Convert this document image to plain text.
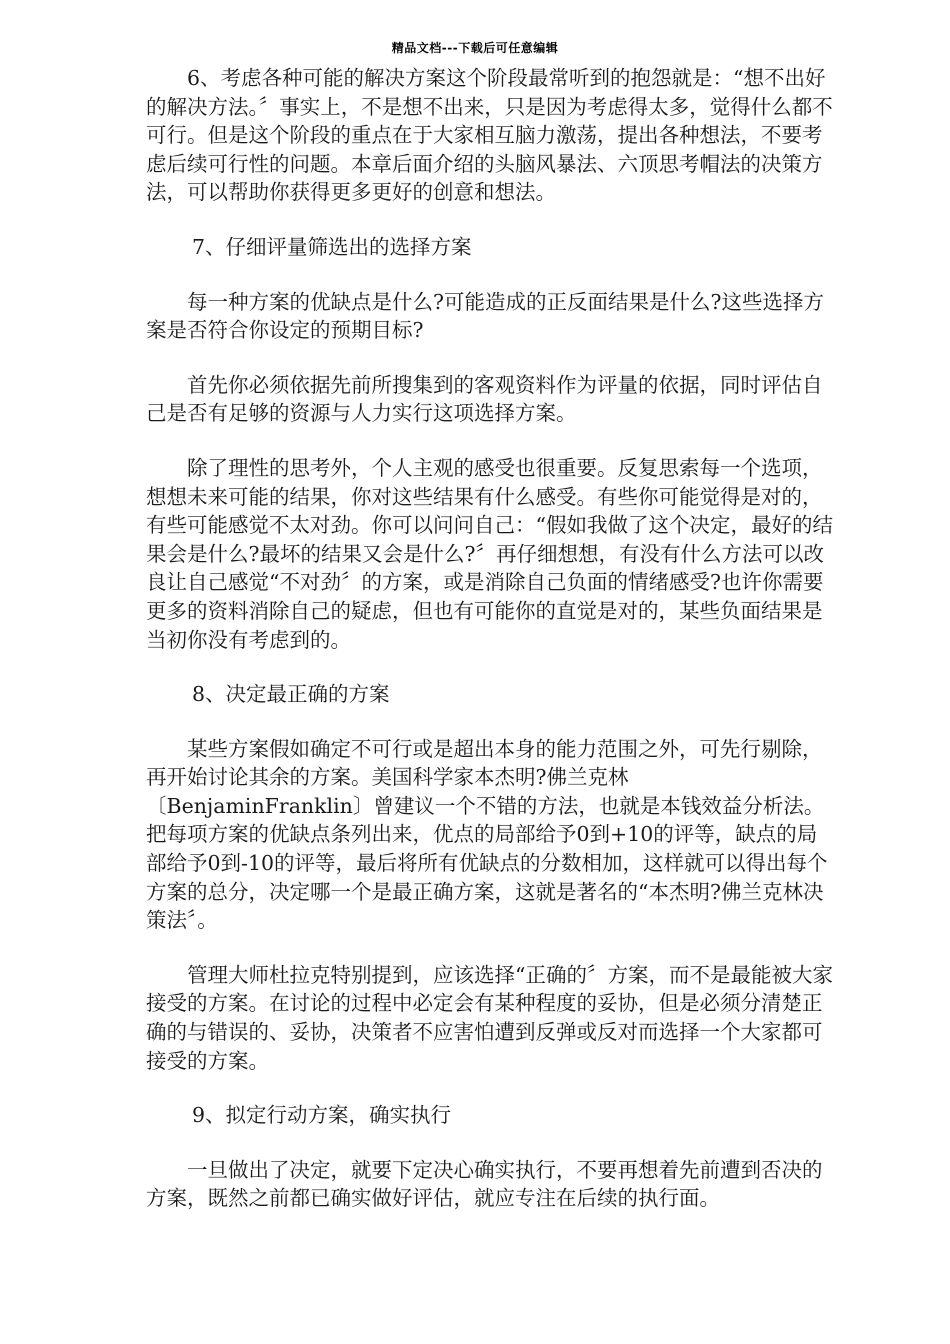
精品文档---下载后可任意编辑

6、考虑各种可能的解决方案这个阶段最常听到的抱怨就是：“想不出好的解决方法。〞事实上，不是想不出来，只是因为考虑得太多，觉得什么都不可行。但是这个阶段的重点在于大家相互脑力激荡，提出各种想法，不要考虑后续可行性的问题。本章后面介绍的头脑风暴法、六顶思考帽法的决策方法，可以帮助你获得更多更好的创意和想法。

7、仔细评量筛选出的选择方案

每一种方案的优缺点是什么?可能造成的正反面结果是什么?这些选择方案是否符合你设定的预期目标?

首先你必须依据先前所搜集到的客观资料作为评量的依据，同时评估自己是否有足够的资源与人力实行这项选择方案。

除了理性的思考外，个人主观的感受也很重要。反复思索每一个选项，想想未来可能的结果，你对这些结果有什么感受。有些你可能觉得是对的，有些可能感觉不太对劲。你可以问问自己：“假如我做了这个决定，最好的结果会是什么?最坏的结果又会是什么?〞再仔细想想，有没有什么方法可以改良让自己感觉“不对劲〞的方案，或是消除自己负面的情绪感受?也许你需要更多的资料消除自己的疑虑，但也有可能你的直觉是对的，某些负面结果是当初你没有考虑到的。

8、决定最正确的方案

某些方案假如确定不可行或是超出本身的能力范围之外，可先行剔除，再开始讨论其余的方案。美国科学家本杰明?佛兰克林〔BenjaminFranklin〕曾建议一个不错的方法，也就是本钱效益分析法。把每项方案的优缺点条列出来，优点的局部给予0到+10的评等，缺点的局部给予0到-10的评等，最后将所有优缺点的分数相加，这样就可以得出每个方案的总分，决定哪一个是最正确方案，这就是著名的“本杰明?佛兰克林决策法〞。

管理大师杜拉克特别提到，应该选择“正确的〞方案，而不是最能被大家接受的方案。在讨论的过程中必定会有某种程度的妥协，但是必须分清楚正确的与错误的、妥协，决策者不应害怕遭到反弹或反对而选择一个大家都可接受的方案。

9、拟定行动方案，确实执行

一旦做出了决定，就要下定决心确实执行，不要再想着先前遭到否决的方案，既然之前都已确实做好评估，就应专注在后续的执行面。
